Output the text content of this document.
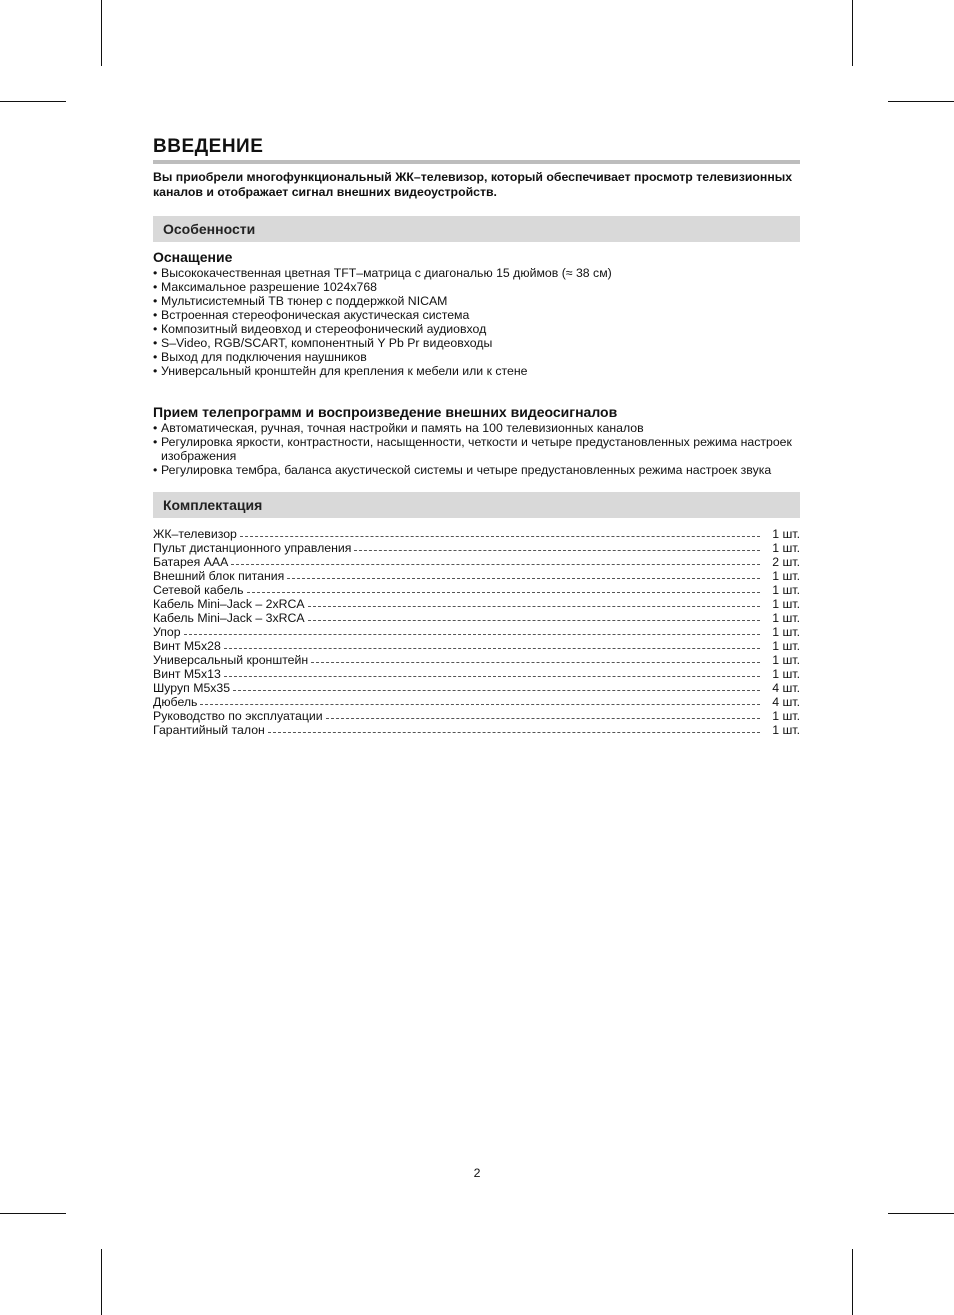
ВВЕДЕНИЕ
Вы приобрели многофункциональный ЖК–телевизор, который обеспечивает просмотр телевизионных каналов и отображает сигнал внешних видеоустройств.
Особенности
Оснащение
• Высококачественная цветная TFT–матрица с диагональю 15 дюймов (≈ 38 см)
• Максимальное разрешение 1024x768
• Мультисистемный ТВ тюнер с поддержкой NICAM
• Встроенная стереофоническая акустическая система
• Композитный видеовход и стереофонический аудиовход
• S–Video, RGB/SCART, компонентный Y Pb Pr видеовходы
• Выход для подключения наушников
• Универсальный кронштейн для крепления к мебели или к стене
Прием телепрограмм и воспроизведение внешних видеосигналов
• Автоматическая, ручная, точная настройки и память на 100 телевизионных каналов
• Регулировка яркости, контрастности, насыщенности, четкости и четыре предустановленных режима настроек изображения
• Регулировка тембра, баланса акустической системы и четыре предустановленных режима настроек звука
Комплектация
ЖК–телевизор	1 шт.
Пульт дистанционного управления	1 шт.
Батарея ААА	2 шт.
Внешний блок питания	1 шт.
Сетевой кабель	1 шт.
Кабель Mini–Jack – 2xRCA	1 шт.
Кабель Mini–Jack – 3xRCA	1 шт.
Упор	1 шт.
Винт М5x28	1 шт.
Универсальный кронштейн	1 шт.
Винт М5x13	1 шт.
Шуруп М5x35	4 шт.
Дюбель	4 шт.
Руководство по эксплуатации	1 шт.
Гарантийный талон	1 шт.
2
